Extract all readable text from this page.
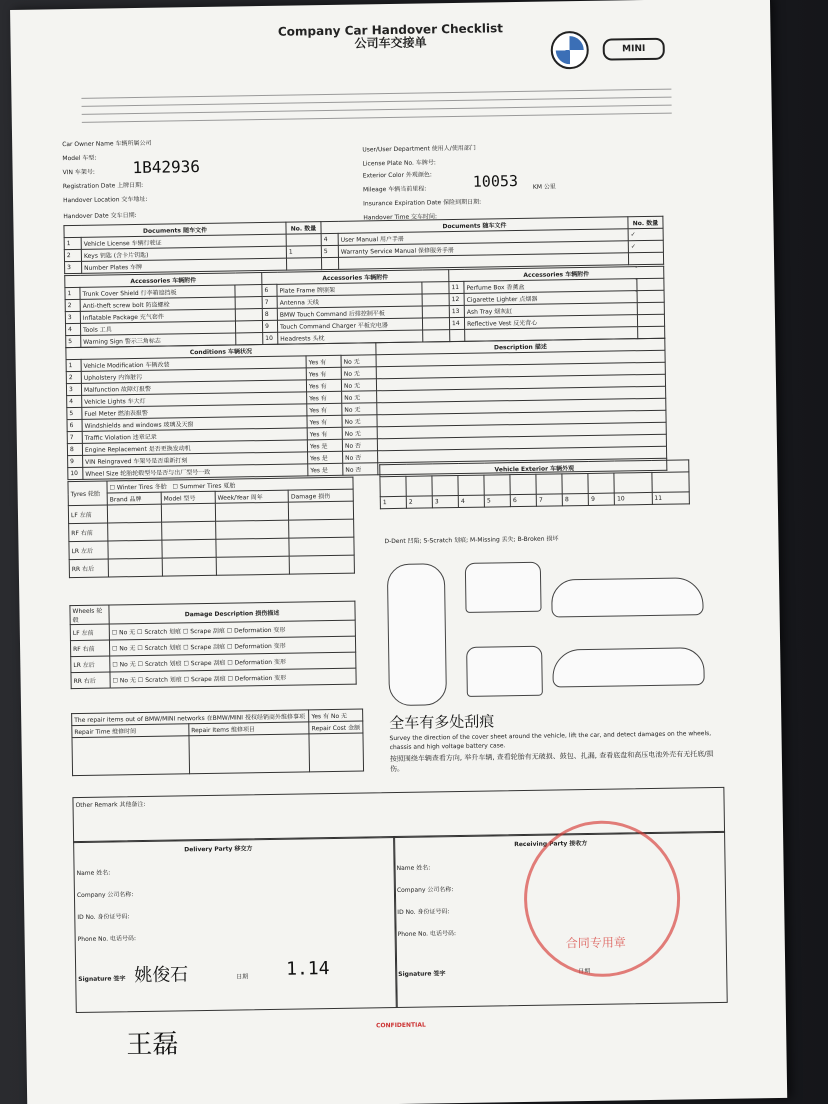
Company Car Handover Checklist
公司车交接单	MINI
Car Owner Name 车辆所属公司
User/User Department 使用人/使用部门
Model 车型:
License Plate No. 车牌号:
VIN 车架号: 1B42936	Exterior Color 外观颜色:
Registration Date 上牌日期:	Mileage 车辆当前里程:	10053 KM 公里
Handover Location 交车地址:	Insurance Expiration Date 保险到期日期:
Handover Date 交车日期:	Handover Time 交车时间:
Documents 随车文件		No. 数量	Documents 随车文件		No. 数量
1	Vehicle License 车辆行驶证		4	User Manual 用户手册	✓
2	Keys 钥匙 (含卡片钥匙)	1	5	Warranty Service Manual 保修服务手册	✓
3	Number Plates 车牌				
Accessories 车辆附件			Accessories 车辆附件			Accessories 车辆附件		
1	Trunk Cover Shield 行李箱遮挡板		6	Plate Frame 牌照架		11	Perfume Box 香薰盒	
2	Anti-theft screw bolt 防盗螺栓		7	Antenna 天线		12	Cigarette Lighter 点烟器	
3	Inflatable Package 充气套件		8	BMW Touch Command 后排控制平板		13	Ash Tray 烟灰缸	
4	Tools 工具		9	Touch Command Charger 平板充电器		14	Reflective Vest 反光背心	
5	Warning Sign 警示三角标志		10	Headrests 头枕				
Conditions 车辆状况				Description 描述
1	Vehicle Modification 车辆改装	Yes 有	No 无	
2	Upholstery 内饰脏污	Yes 有	No 无	
3	Malfunction 故障灯报警	Yes 有	No 无	
4	Vehicle Lights 车大灯	Yes 有	No 无	
5	Fuel Meter 燃油表报警	Yes 有	No 无	
6	Windshields and windows 玻璃及天窗	Yes 有	No 无	
7	Traffic Violation 违章记录	Yes 有	No 无	
8	Engine Replacement 是否更换发动机	Yes 是	No 否	
9	VIN Reingraved 车架号是否重新打刻	Yes 是	No 否	
10	Wheel Size 轮胎轮毂型号是否与出厂型号一致	Yes 是	No 否	
Tyres 轮胎	☐ Winter Tires 冬胎 ☐ Summer Tires 夏胎			
	Brand 品牌	Model 型号	Week/Year 周年	Damage 损伤
LF 左前				
RF 右前				
LR 左后				
RR 右后				
Wheels 轮毂	Damage Description 损伤描述
LF 左前	☐ No 无 ☐ Scratch 划痕 ☐ Scrape 刮痕 ☐ Deformation 变形
RF 右前	☐ No 无 ☐ Scratch 划痕 ☐ Scrape 刮痕 ☐ Deformation 变形
LR 左后	☐ No 无 ☐ Scratch 划痕 ☐ Scrape 刮痕 ☐ Deformation 变形
RR 右后	☐ No 无 ☐ Scratch 划痕 ☐ Scrape 刮痕 ☐ Deformation 变形
Vehicle Exterior 车辆外观										

1	2	3	4	5	6	7	8	9	10	11
D-Dent 凹陷; S-Scratch 划痕; M-Missing 丢失; B-Broken 损坏
全车有多处刮痕
Survey the direction of the cover sheet around the vehicle, lift the car, and detect damages on the wheels, chassis and high voltage battery case.
按照围绕车辆查看方向, 举升车辆, 查看轮胎有无破损、鼓包、扎漏, 查看底盘和高压电池外壳有无托底/损伤。
The repair items out of BMW/MINI networks 在BMW/MINI 授权经销商外维修事项		Yes 有 No 无
Repair Time 维修时间	Repair Items 维修项目	Repair Cost 金额

Other Remark 其他备注:
Delivery Party 移交方
Name 姓名:
Company 公司名称:
ID No. 身份证号码:
Phone No. 电话号码:
Signature 签字 姚俊石	日期 1.14
Receiving Party 接收方
Name 姓名:
Company 公司名称:
ID No. 身份证号码:
Phone No. 电话号码:
Signature 签字	日期
合同专用章
CONFIDENTIAL
王磊
